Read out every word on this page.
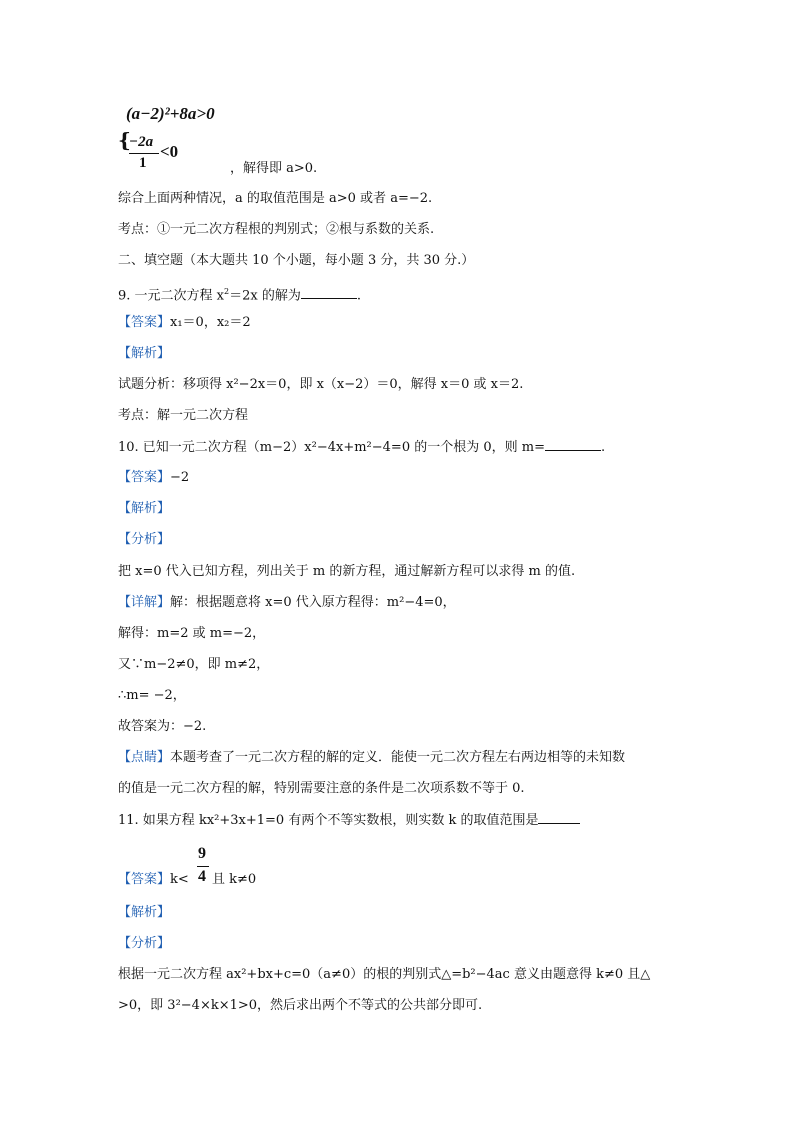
(a−2)²+8a>0
{
−2a
1
<0
，解得即 a>0.
综合上面两种情况，a 的取值范围是 a>0 或者 a=−2.
考点：①一元二次方程根的判别式；②根与系数的关系.
二、填空题（本大题共 10 个小题，每小题 3 分，共 30 分.）
9. 一元二次方程 $x^2=2x$ 的解为	.
【答案】x₁＝0，x₂＝2
【解析】
试题分析：移项得 x²−2x＝0，即 x（x−2）＝0，解得 x＝0 或 x＝2.
考点：解一元二次方程
10. 已知一元二次方程（m−2）x²−4x+m²−4=0 的一个根为 0，则 m=	.
【答案】−2
【解析】
【分析】
把 x=0 代入已知方程，列出关于 m 的新方程，通过解新方程可以求得 m 的值.
【详解】解：根据题意将 x=0 代入原方程得：m²−4=0，
解得：m=2 或 m=−2，
又∵m−2≠0，即 m≠2，
∴m= −2，
故答案为：−2.
【点睛】本题考查了一元二次方程的解的定义．能使一元二次方程左右两边相等的未知数
的值是一元二次方程的解，特别需要注意的条件是二次项系数不等于 0.
11. 如果方程 kx²+3x+1=0 有两个不等实数根，则实数 k 的取值范围是
【答案】k<
9
4 且 k≠0
【解析】
【分析】
根据一元二次方程 ax²+bx+c=0（a≠0）的根的判别式△=b²−4ac 意义由题意得 k≠0 且△
>0，即 3²−4×k×1>0，然后求出两个不等式的公共部分即可.
